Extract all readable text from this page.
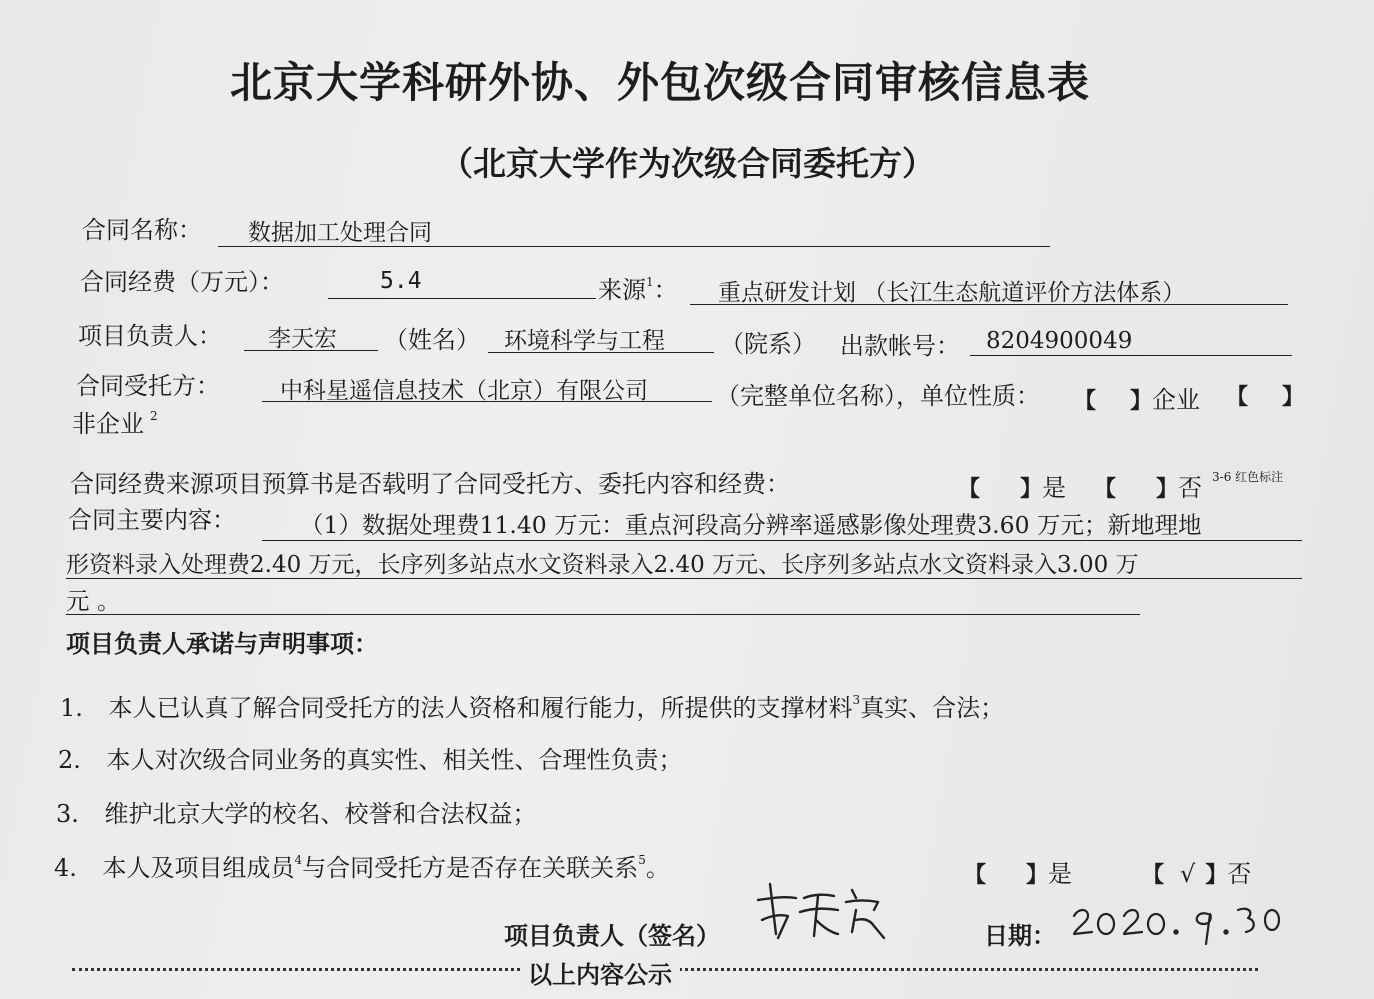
北京大学科研外协、外包次级合同审核信息表
（北京大学作为次级合同委托方）
合同名称： 数据加工处理合同
合同经费（万元）：	5.4	来源$^1$： 重点研发计划 （长江生态航道评价方法体系）
项目负责人： 李天宏 （姓名） 环境科学与工程 （院系） 出款帐号： 8204900049
合同受托方：	中科星遥信息技术（北京）有限公司	（完整单位名称），单位性质： 【 】企业 【 】
非企业 $^2$
合同经费来源项目预算书是否载明了合同受托方、委托内容和经费：	【 】是 【 】否 3-6 红色标注
合同主要内容：	（1）数据处理费11.40 万元：重点河段高分辨率遥感影像处理费3.60 万元；新地理地
形资料录入处理费2.40 万元，长序列多站点水文资料录入2.40 万元、长序列多站点水文资料录入3.00 万
元 。
项目负责人承诺与声明事项：
1. 本人已认真了解合同受托方的法人资格和履行能力，所提供的支撑材料$^3$真实、合法；
2. 本人对次级合同业务的真实性、相关性、合理性负责；
3. 维护北京大学的校名、校誉和合法权益；
4. 本人及项目组成员$^4$与合同受托方是否存在关联关系$^5$。	【 】是	【 √ 】否
项目负责人（签名）	日期：
以上内容公示
